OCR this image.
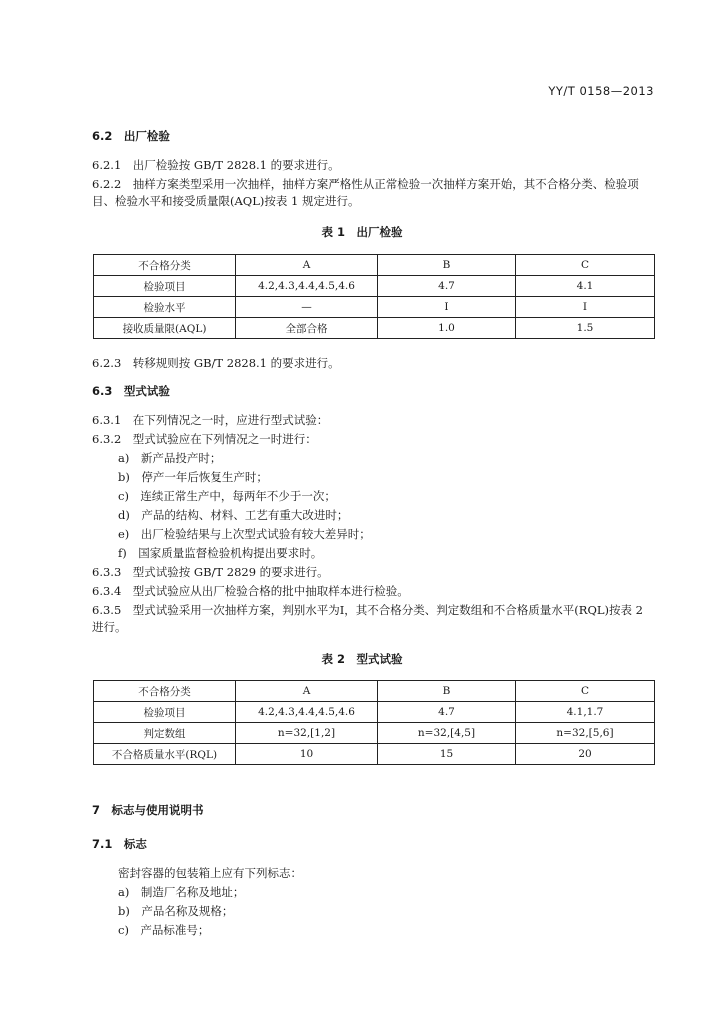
YY/T 0158—2013
6.2　出厂检验
6.2.1　出厂检验按 GB/T 2828.1 的要求进行。
6.2.2　抽样方案类型采用一次抽样，抽样方案严格性从正常检验一次抽样方案开始，其不合格分类、检验项目、检验水平和接受质量限(AQL)按表 1 规定进行。
表 1　出厂检验
不合格分类	A	B	C
检验项目	4.2,4.3,4.4,4.5,4.6	4.7	4.1
检验水平	—	Ⅰ	Ⅰ
接收质量限(AQL)	全部合格	1.0	1.5
6.2.3　转移规则按 GB/T 2828.1 的要求进行。
6.3　型式试验
6.3.1　在下列情况之一时，应进行型式试验：
6.3.2　型式试验应在下列情况之一时进行：
a)　新产品投产时；
b)　停产一年后恢复生产时；
c)　连续正常生产中，每两年不少于一次；
d)　产品的结构、材料、工艺有重大改进时；
e)　出厂检验结果与上次型式试验有较大差异时；
f)　国家质量监督检验机构提出要求时。
6.3.3　型式试验按 GB/T 2829 的要求进行。
6.3.4　型式试验应从出厂检验合格的批中抽取样本进行检验。
6.3.5　型式试验采用一次抽样方案，判别水平为Ⅰ，其不合格分类、判定数组和不合格质量水平(RQL)按表 2 进行。
表 2　型式试验
不合格分类	A	B	C
检验项目	4.2,4.3,4.4,4.5,4.6	4.7	4.1,1.7
判定数组	n=32,[1,2]	n=32,[4,5]	n=32,[5,6]
不合格质量水平(RQL)	10	15	20
7　标志与使用说明书
7.1　标志
密封容器的包装箱上应有下列标志：
a)　制造厂名称及地址；
b)　产品名称及规格；
c)　产品标准号；
